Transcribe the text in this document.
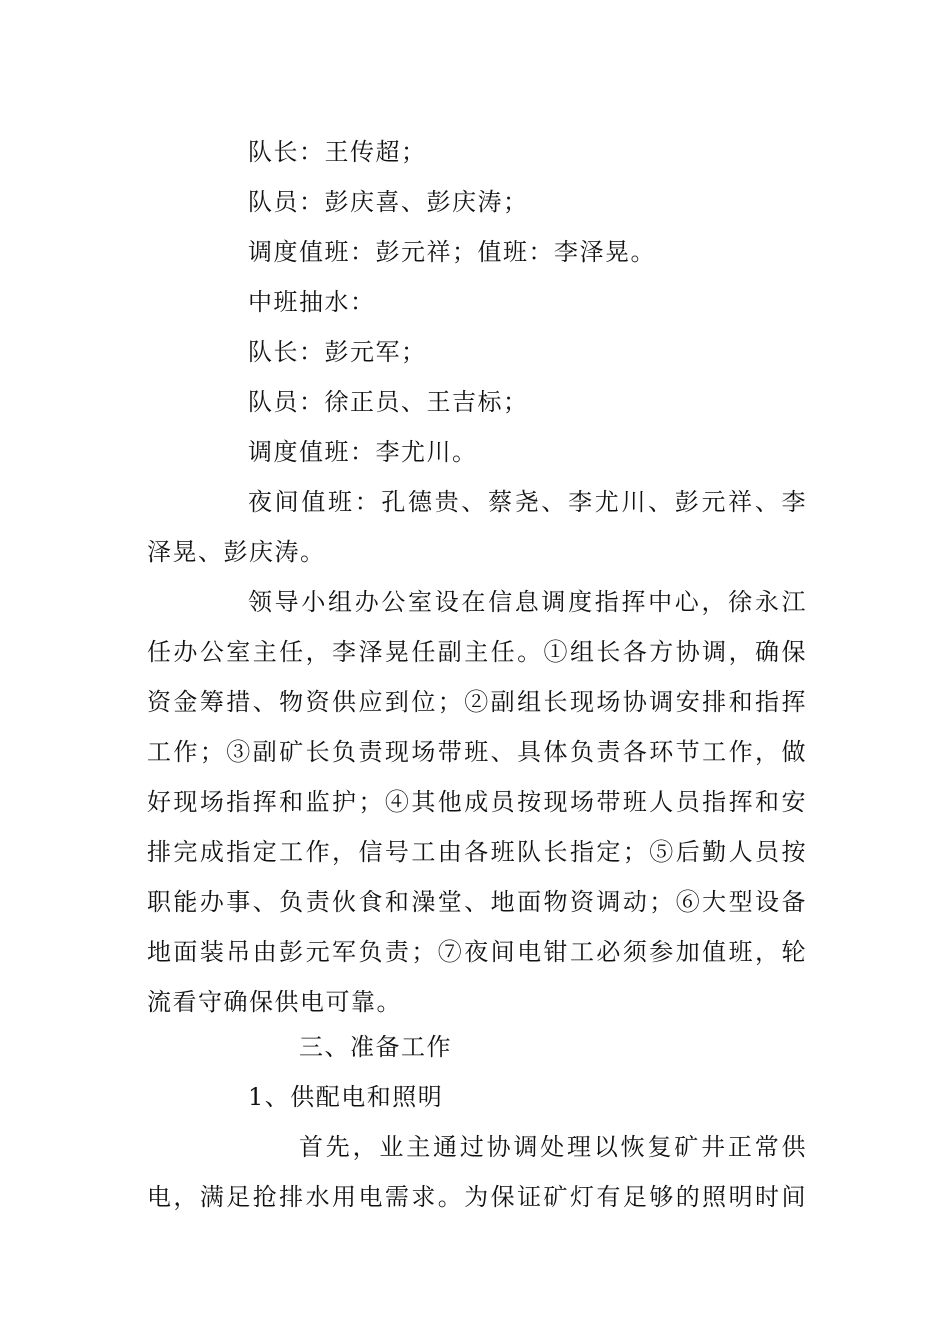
队长：王传超；
队员：彭庆喜、彭庆涛；
调度值班：彭元祥；值班：李泽晃。
中班抽水：
队长：彭元军；
队员：徐正员、王吉标；
调度值班：李尤川。
夜间值班：孔德贵、蔡尧、李尤川、彭元祥、李
泽晃、彭庆涛。
领导小组办公室设在信息调度指挥中心，徐永江
任办公室主任，李泽晃任副主任。①组长各方协调，确保
资金筹措、物资供应到位；②副组长现场协调安排和指挥
工作；③副矿长负责现场带班、具体负责各环节工作，做
好现场指挥和监护；④其他成员按现场带班人员指挥和安
排完成指定工作，信号工由各班队长指定；⑤后勤人员按
职能办事、负责伙食和澡堂、地面物资调动；⑥大型设备
地面装吊由彭元军负责；⑦夜间电钳工必须参加值班，轮
流看守确保供电可靠。
三、准备工作
1、供配电和照明
首先，业主通过协调处理以恢复矿井正常供
电，满足抢排水用电需求。为保证矿灯有足够的照明时间
